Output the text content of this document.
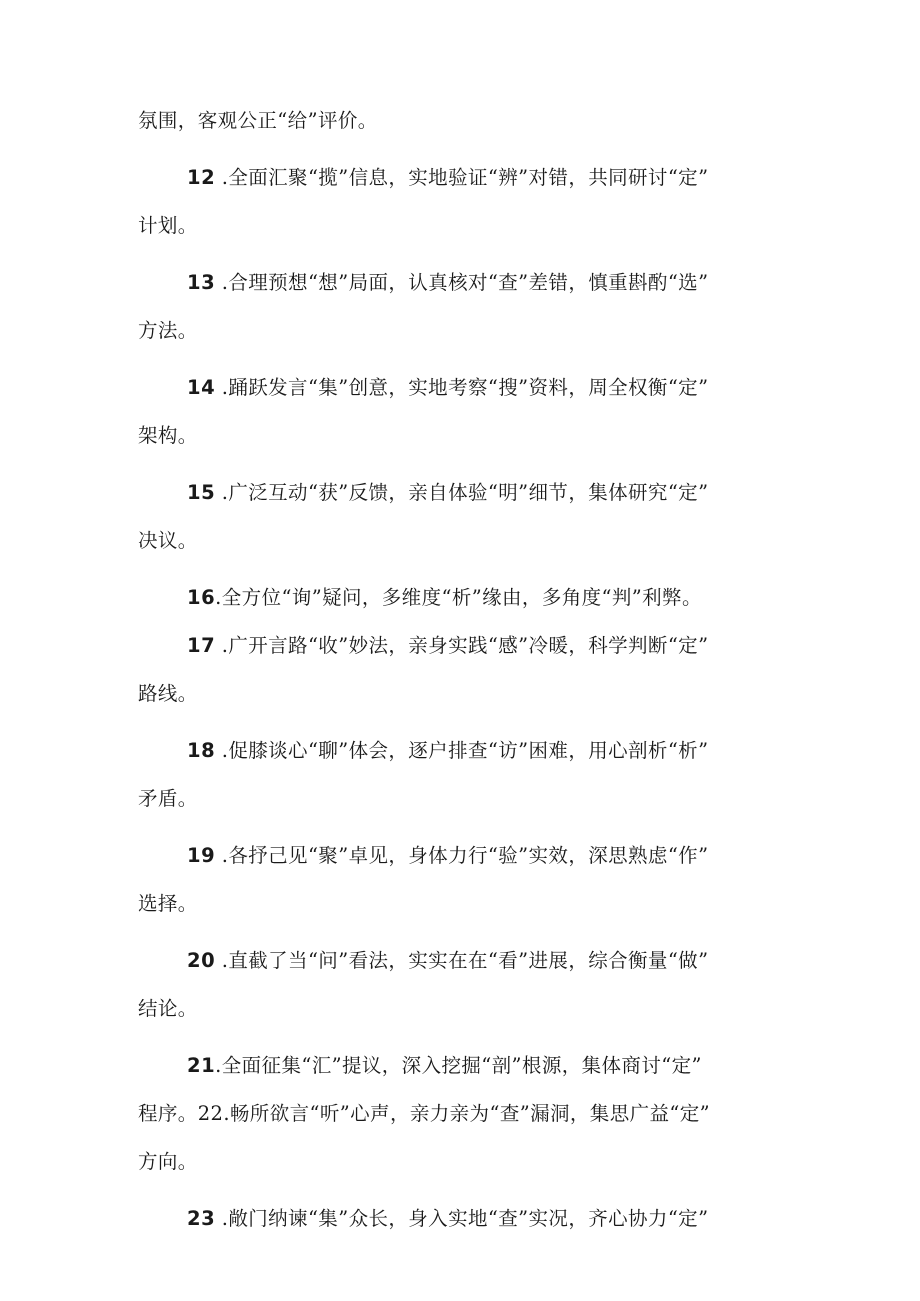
氛围，客观公正“给”评价。
12 .全面汇聚“揽”信息，实地验证“辨”对错，共同研讨“定”
计划。
13 .合理预想“想”局面，认真核对“查”差错，慎重斟酌“选”
方法。
14 .踊跃发言“集”创意，实地考察“搜”资料，周全权衡“定”
架构。
15 .广泛互动“获”反馈，亲自体验“明”细节，集体研究“定”
决议。
16.全方位“询”疑问，多维度“析”缘由，多角度“判”利弊。
17 .广开言路“收”妙法，亲身实践“感”冷暖，科学判断“定”
路线。
18 .促膝谈心“聊”体会，逐户排查“访”困难，用心剖析“析”
矛盾。
19 .各抒己见“聚”卓见，身体力行“验”实效，深思熟虑“作”
选择。
20 .直截了当“问”看法，实实在在“看”进展，综合衡量“做”
结论。
21.全面征集“汇”提议，深入挖掘“剖”根源，集体商讨“定”
程序。22.畅所欲言“听”心声，亲力亲为“查”漏洞，集思广益“定”
方向。
23 .敞门纳谏“集”众长，身入实地“查”实况，齐心协力“定”
